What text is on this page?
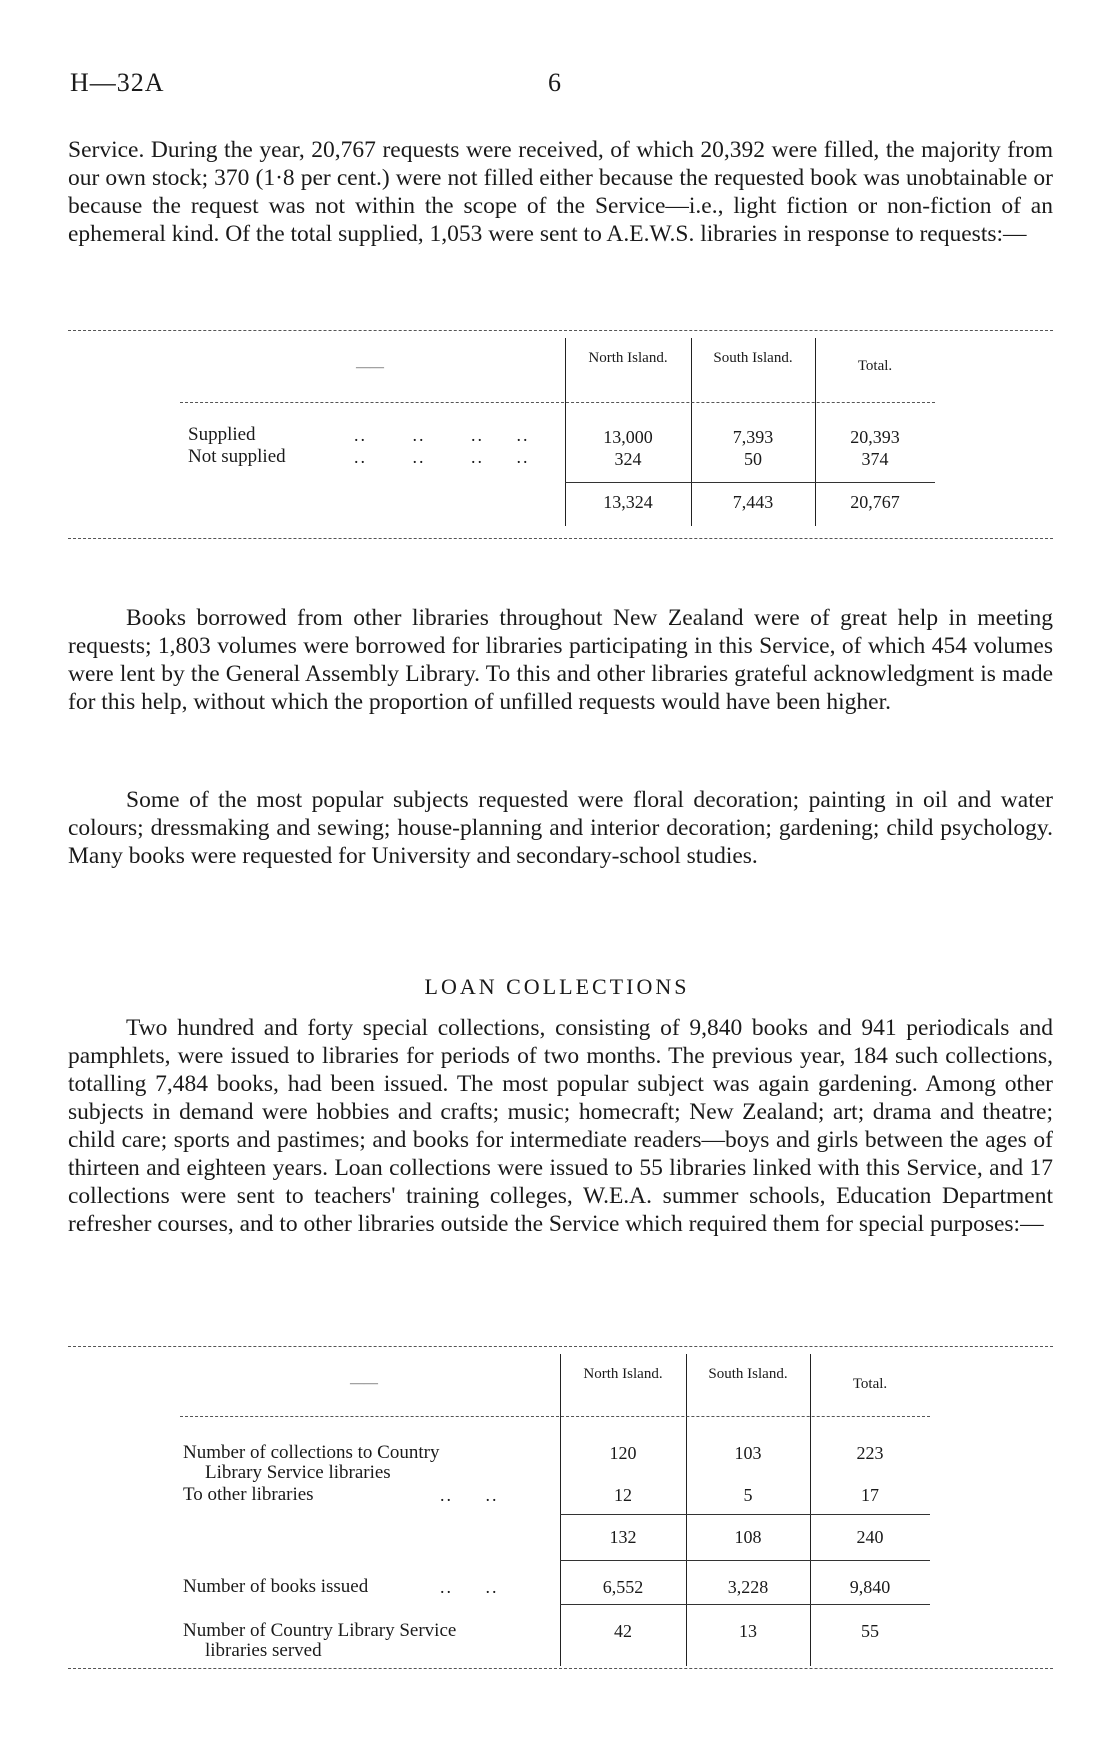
H—32A	6
Service. During the year, 20,767 requests were received, of which 20,392 were filled, the majority from our own stock; 370 (1·8 per cent.) were not filled either because the requested book was unobtainable or because the request was not within the scope of the Service—i.e., light fiction or non-fiction of an ephemeral kind. Of the total supplied, 1,053 were sent to A.E.W.S. libraries in response to requests:—
——
North Island.	South Island.	Total.
Supplied	..       ..       ..     ..	13,000	7,393	20,393
Not supplied	..       ..       ..     ..	324	50	374
13,324	7,443	20,767
Books borrowed from other libraries throughout New Zealand were of great help in meeting requests; 1,803 volumes were borrowed for libraries participating in this Service, of which 454 volumes were lent by the General Assembly Library. To this and other libraries grateful acknowledgment is made for this help, without which the proportion of unfilled requests would have been higher.
Some of the most popular subjects requested were floral decoration; painting in oil and water colours; dressmaking and sewing; house-planning and interior decoration; gardening; child psychology. Many books were requested for University and secondary-school studies.
LOAN COLLECTIONS
Two hundred and forty special collections, consisting of 9,840 books and 941 periodicals and pamphlets, were issued to libraries for periods of two months. The previous year, 184 such collections, totalling 7,484 books, had been issued. The most popular subject was again gardening. Among other subjects in demand were hobbies and crafts; music; homecraft; New Zealand; art; drama and theatre; child care; sports and pastimes; and books for intermediate readers—boys and girls between the ages of thirteen and eighteen years. Loan collections were issued to 55 libraries linked with this Service, and 17 collections were sent to teachers' training colleges, W.E.A. summer schools, Education Department refresher courses, and to other libraries outside the Service which required them for special purposes:—
——
North Island.	South Island.
Total.
Number of collections to Country
Library Service libraries
120	103	223
To other libraries	..     ..	12	5	17
132	108	240
Number of books issued	..     ..	6,552	3,228	9,840
Number of Country Library Service
libraries served
42	13	55
